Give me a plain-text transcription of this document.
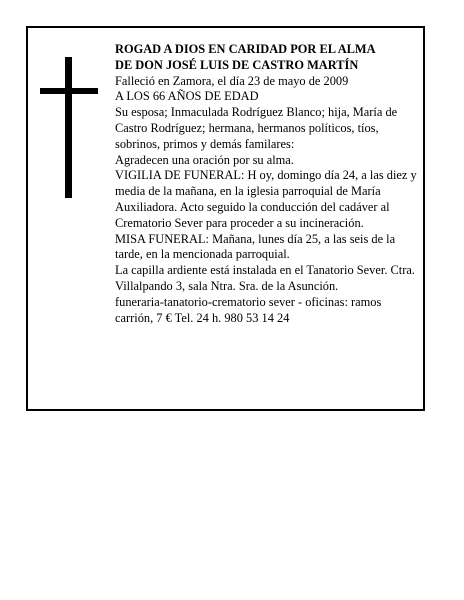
ROGAD A DIOS EN CARIDAD POR EL ALMA

DE DON JOSÉ LUIS DE CASTRO MARTÍN

Falleció en Zamora, el día 23 de mayo de 2009

A LOS 66 AÑOS DE EDAD

Su esposa; Inmaculada Rodríguez Blanco; hija, María de Castro Rodríguez; hermana, hermanos políticos, tíos, sobrinos, primos y demás familares:

Agradecen una oración por su alma.

VIGILIA DE FUNERAL: H oy, domingo día 24, a las diez y media de la mañana, en la iglesia parroquial de María Auxiliadora. Acto seguido la conducción del cadáver al Crematorio Sever para proceder a su incineración.

MISA FUNERAL: Mañana, lunes día 25, a las seis de la tarde, en la mencionada parroquial.

La capilla ardiente está instalada en el Tanatorio Sever. Ctra. Villalpando 3, sala Ntra. Sra. de la Asunción.

funeraria-tanatorio-crematorio sever - oficinas: ramos carrión, 7 € Tel. 24 h. 980 53 14 24
